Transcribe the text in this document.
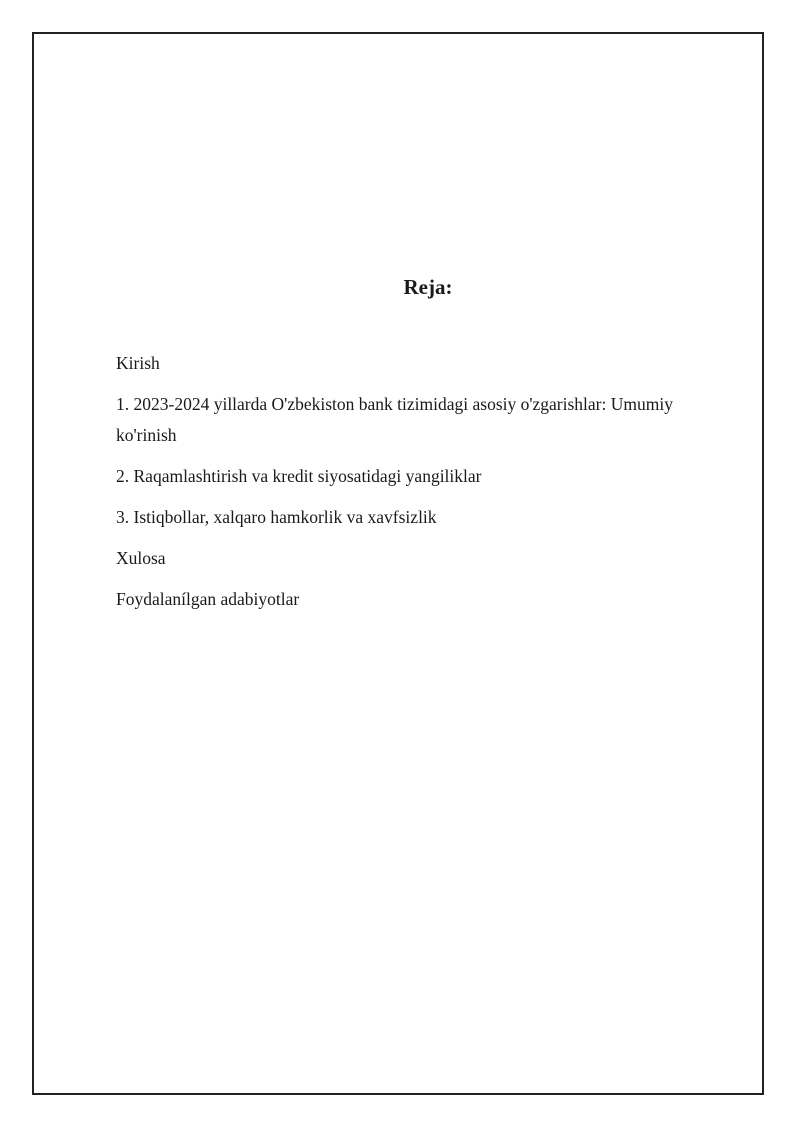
Reja:
Kirish
1. 2023-2024 yillarda O'zbekiston bank tizimidagi asosiy o'zgarishlar: Umumiy ko'rinish
2. Raqamlashtirish va kredit siyosatidagi yangiliklar
3. Istiqbollar, xalqaro hamkorlik va xavfsizlik
Xulosa
Foydalanílgan adabiyotlar
